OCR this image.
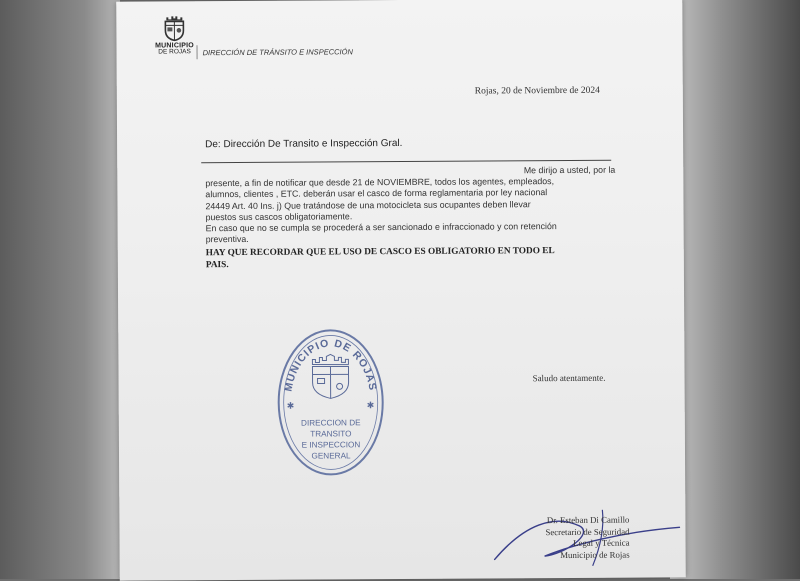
MUNICIPIO
DE ROJAS	DIRECCIÓN DE TRÁNSITO E INSPECCIÓN
Rojas, 20 de Noviembre de 2024
De: Dirección De Transito e Inspección Gral.
Me dirijo a usted, por la
presente, a fin de notificar que desde 21 de NOVIEMBRE, todos los agentes, empleados,
alumnos, clientes , ETC. deberán usar el casco de forma reglamentaria por ley nacional
24449 Art. 40 Ins. j) Que tratándose de una motocicleta sus ocupantes deben llevar
puestos sus cascos obligatoriamente.
En caso que no se cumpla se procederá a ser sancionado e infraccionado y con retención
preventiva.
HAY QUE RECORDAR QUE EL USO DE CASCO ES OBLIGATORIO EN TODO EL
PAIS.
Saludo atentamente.
MUNICIPIO DE ROJAS
✱	✱
DIRECCION DE
TRANSITO
E INSPECCION
GENERAL
Dr. Esteban Di Camillo
Secretario de Seguridad
Legal y Técnica
Municipio de Rojas
